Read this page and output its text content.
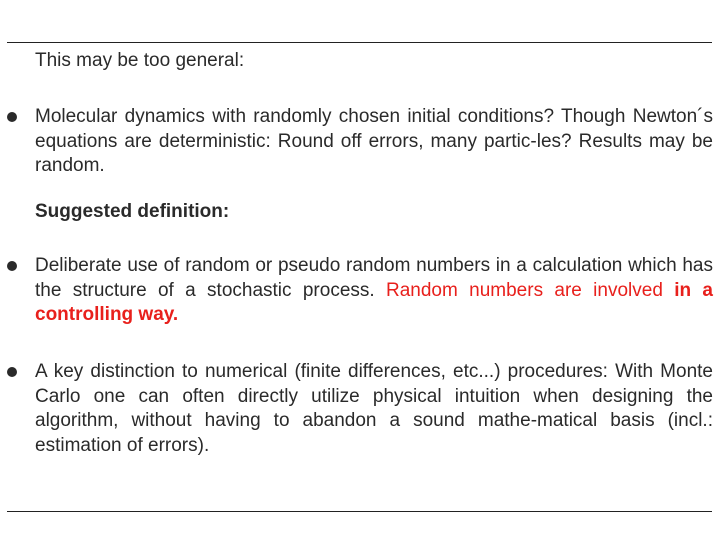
This may be too general:
Molecular dynamics with randomly chosen initial conditions? Though Newton´s equations are deterministic: Round off errors, many partic-les? Results may be random.
Suggested definition:
Deliberate use of random or pseudo random numbers in a calculation which has the structure of a stochastic process. Random numbers are involved in a controlling way.
A key distinction to numerical (finite differences, etc...) procedures: With Monte Carlo one can often directly utilize physical intuition when designing the algorithm, without having to abandon a sound mathe-matical basis (incl.: estimation of errors).
